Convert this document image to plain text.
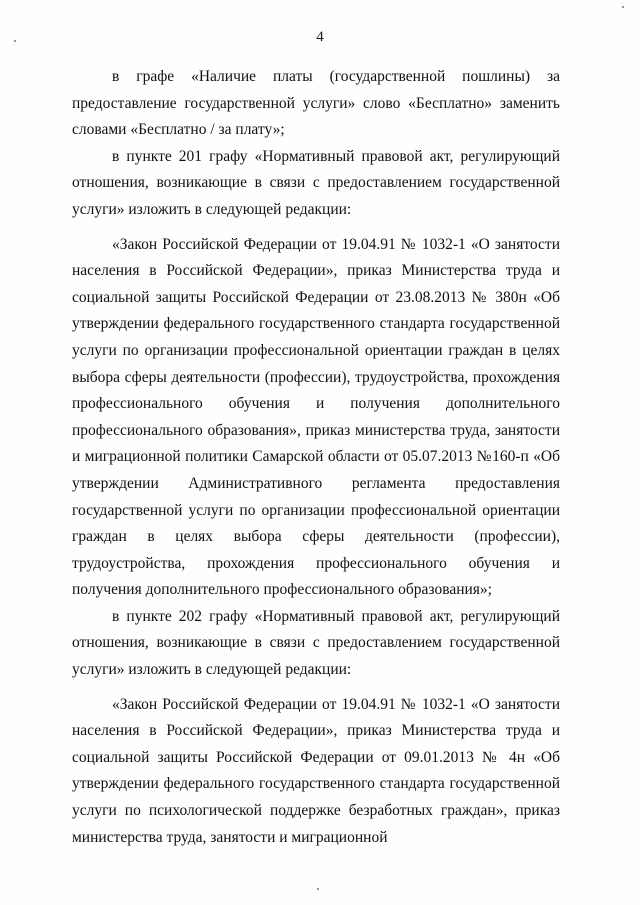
4

в графе «Наличие платы (государственной пошлины) за предоставление государственной услуги» слово «Бесплатно» заменить словами «Бесплатно / за плату»;

в пункте 201 графу «Нормативный правовой акт, регулирующий отношения, возникающие в связи с предоставлением государственной услуги» изложить в следующей редакции:

«Закон Российской Федерации от 19.04.91 № 1032-1 «О занятости населения в Российской Федерации», приказ Министерства труда и социальной защиты Российской Федерации от 23.08.2013 № 380н «Об утверждении федерального государственного стандарта государственной услуги по организации профессиональной ориентации граждан в целях выбора сферы деятельности (профессии), трудоустройства, прохождения профессионального обучения и получения дополнительного профессионального образования», приказ министерства труда, занятости и миграционной политики Самарской области от 05.07.2013 №160-п «Об утверждении Административного регламента предоставления государственной услуги по организации профессиональной ориентации граждан в целях выбора сферы деятельности (профессии), трудоустройства, прохождения профессионального обучения и получения дополнительного профессионального образования»;

в пункте 202 графу «Нормативный правовой акт, регулирующий отношения, возникающие в связи с предоставлением государственной услуги» изложить в следующей редакции:

«Закон Российской Федерации от 19.04.91 № 1032-1 «О занятости населения в Российской Федерации», приказ Министерства труда и социальной защиты Российской Федерации от 09.01.2013 № 4н «Об утверждении федерального государственного стандарта государственной услуги по психологической поддержке безработных граждан», приказ министерства труда, занятости и миграционной
